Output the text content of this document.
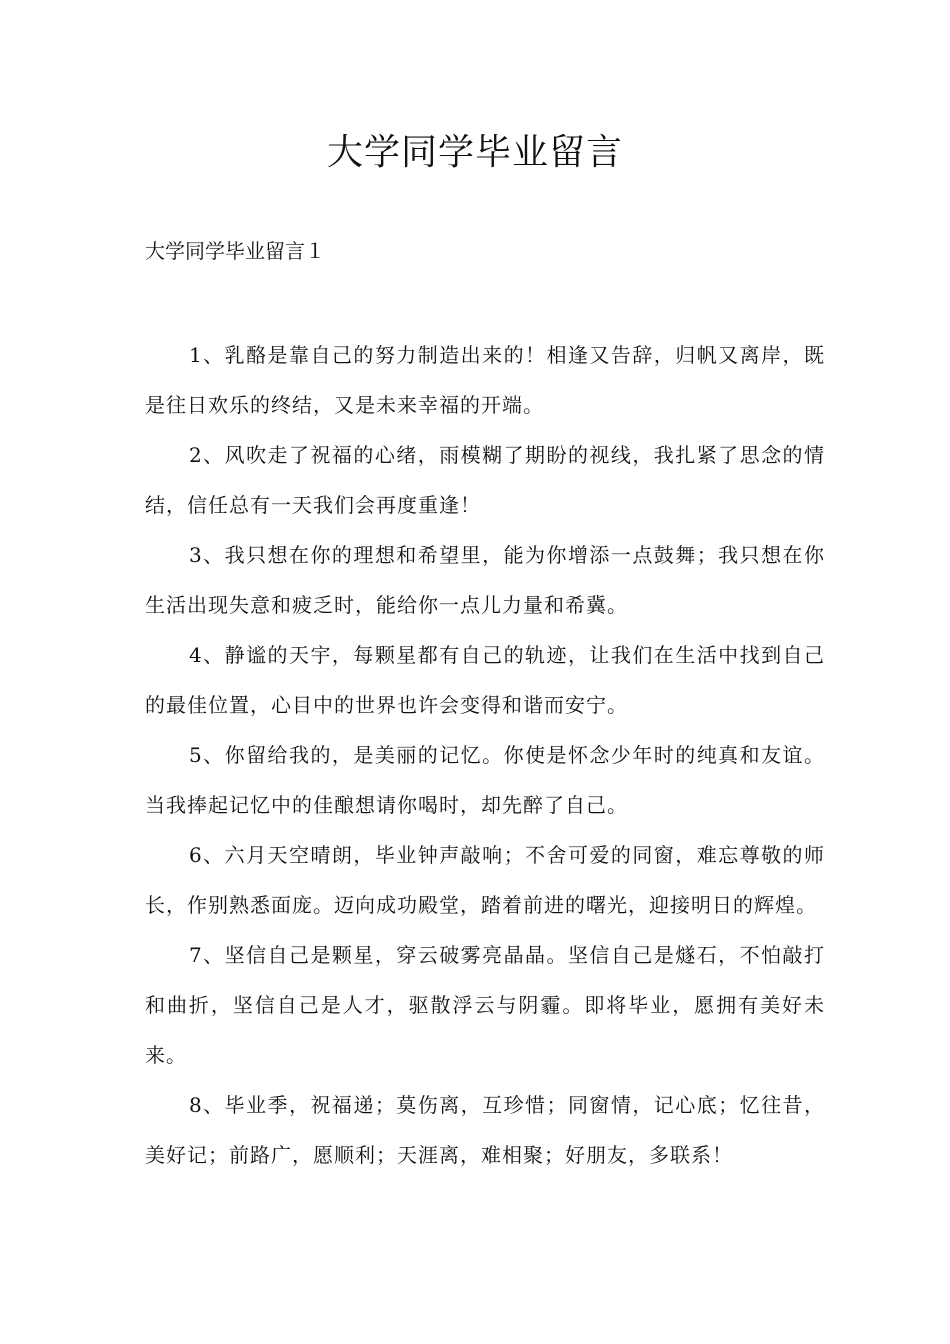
大学同学毕业留言

大学同学毕业留言１

1、乳酪是靠自己的努力制造出来的！相逢又告辞，归帆又离岸，既是往日欢乐的终结，又是未来幸福的开端。

2、风吹走了祝福的心绪，雨模糊了期盼的视线，我扎紧了思念的情结，信任总有一天我们会再度重逢！

3、我只想在你的理想和希望里，能为你增添一点鼓舞；我只想在你生活出现失意和疲乏时，能给你一点儿力量和希冀。

4、静谧的天宇，每颗星都有自己的轨迹，让我们在生活中找到自己的最佳位置，心目中的世界也许会变得和谐而安宁。

5、你留给我的，是美丽的记忆。你使是怀念少年时的纯真和友谊。当我捧起记忆中的佳酿想请你喝时，却先醉了自己。

6、六月天空晴朗，毕业钟声敲响；不舍可爱的同窗，难忘尊敬的师长，作别熟悉面庞。迈向成功殿堂，踏着前进的曙光，迎接明日的辉煌。

7、坚信自己是颗星，穿云破雾亮晶晶。坚信自己是燧石，不怕敲打和曲折，坚信自己是人才，驱散浮云与阴霾。即将毕业，愿拥有美好未来。

8、毕业季，祝福递；莫伤离，互珍惜；同窗情，记心底；忆往昔，美好记；前路广，愿顺利；天涯离，难相聚；好朋友，多联系！
